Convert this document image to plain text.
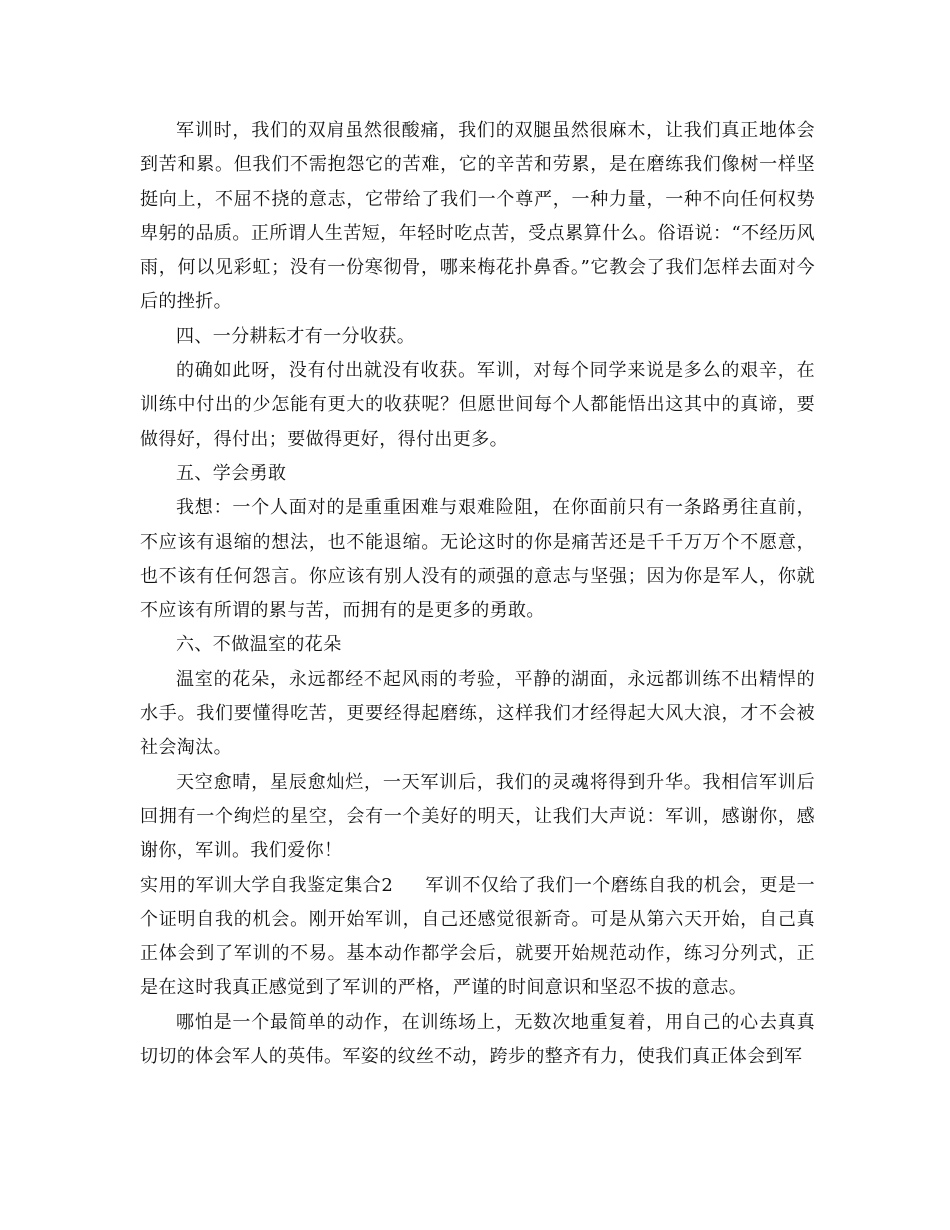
军训时，我们的双肩虽然很酸痛，我们的双腿虽然很麻木，让我们真正地体会到苦和累。但我们不需抱怨它的苦难，它的辛苦和劳累，是在磨练我们像树一样坚挺向上，不屈不挠的意志，它带给了我们一个尊严，一种力量，一种不向任何权势卑躬的品质。正所谓人生苦短，年轻时吃点苦，受点累算什么。俗语说：“不经历风雨，何以见彩虹；没有一份寒彻骨，哪来梅花扑鼻香。”它教会了我们怎样去面对今后的挫折。

四、一分耕耘才有一分收获。

的确如此呀，没有付出就没有收获。军训，对每个同学来说是多么的艰辛，在训练中付出的少怎能有更大的收获呢？但愿世间每个人都能悟出这其中的真谛，要做得好，得付出；要做得更好，得付出更多。

五、学会勇敢

我想：一个人面对的是重重困难与艰难险阻，在你面前只有一条路勇往直前，不应该有退缩的想法，也不能退缩。无论这时的你是痛苦还是千千万万个不愿意，也不该有任何怨言。你应该有别人没有的顽强的意志与坚强；因为你是军人，你就不应该有所谓的累与苦，而拥有的是更多的勇敢。

六、不做温室的花朵

温室的花朵，永远都经不起风雨的考验，平静的湖面，永远都训练不出精悍的水手。我们要懂得吃苦，更要经得起磨练，这样我们才经得起大风大浪，才不会被社会淘汰。

天空愈晴，星辰愈灿烂，一天军训后，我们的灵魂将得到升华。我相信军训后回拥有一个绚烂的星空，会有一个美好的明天，让我们大声说：军训，感谢你，感谢你，军训。我们爱你！

实用的军训大学自我鉴定集合2 军训不仅给了我们一个磨练自我的机会，更是一个证明自我的机会。刚开始军训，自己还感觉很新奇。可是从第六天开始，自己真正体会到了军训的不易。基本动作都学会后，就要开始规范动作，练习分列式，正是在这时我真正感觉到了军训的严格，严谨的时间意识和坚忍不拔的意志。

哪怕是一个最简单的动作，在训练场上，无数次地重复着，用自己的心去真真切切的体会军人的英伟。军姿的纹丝不动，跨步的整齐有力，使我们真正体会到军
